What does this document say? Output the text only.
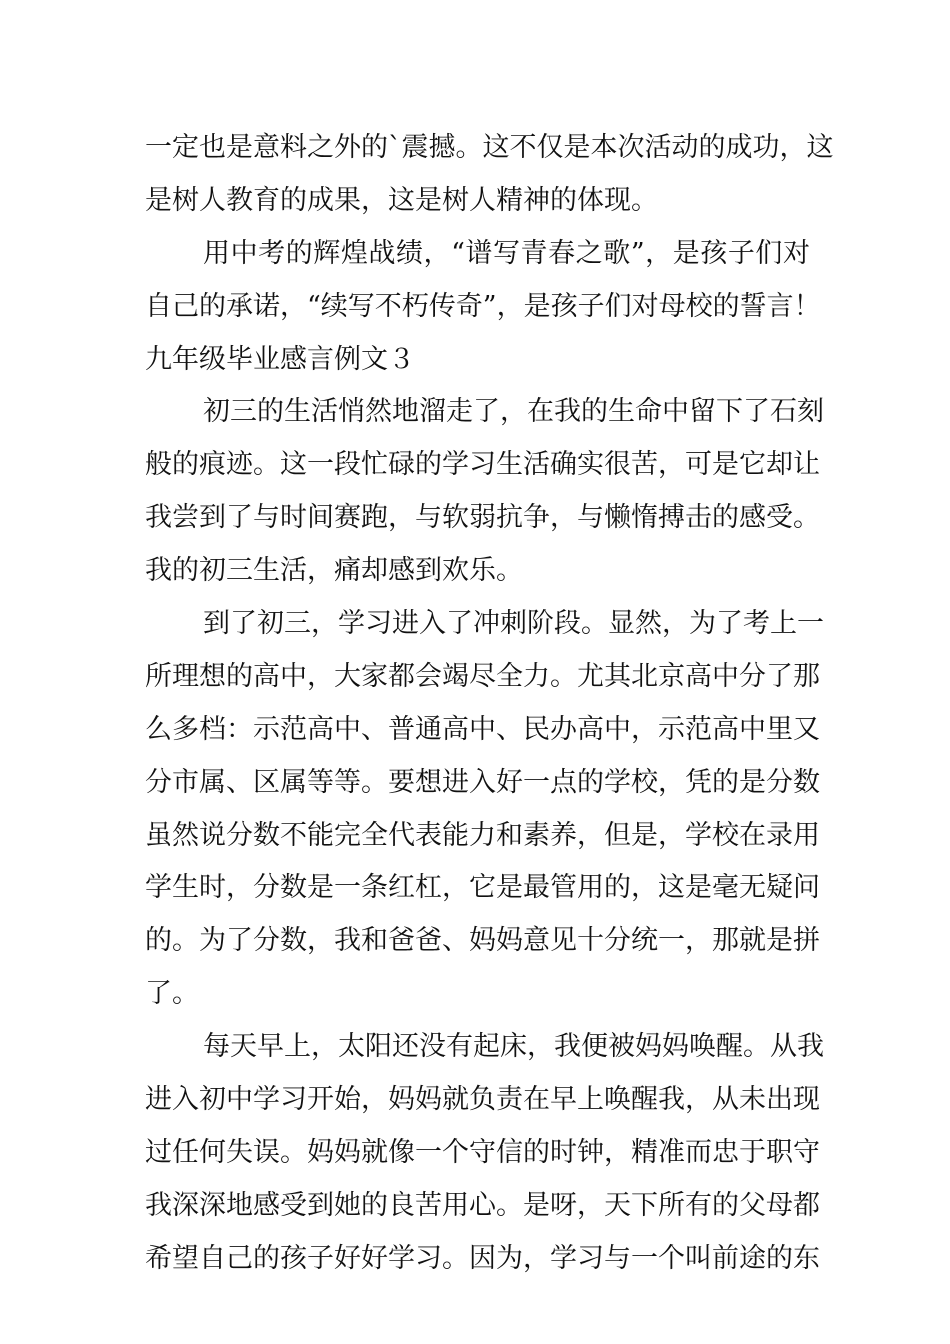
一定也是意料之外的`震撼。这不仅是本次活动的成功，这
是树人教育的成果，这是树人精神的体现。
用中考的辉煌战绩，“谱写青春之歌”，是孩子们对
自己的承诺，“续写不朽传奇”，是孩子们对母校的誓言！
九年级毕业感言例文３
初三的生活悄然地溜走了，在我的生命中留下了石刻
般的痕迹。这一段忙碌的学习生活确实很苦，可是它却让
我尝到了与时间赛跑，与软弱抗争，与懒惰搏击的感受。
我的初三生活，痛却感到欢乐。
到了初三，学习进入了冲刺阶段。显然，为了考上一
所理想的高中，大家都会竭尽全力。尤其北京高中分了那
么多档：示范高中、普通高中、民办高中，示范高中里又
分市属、区属等等。要想进入好一点的学校，凭的是分数
虽然说分数不能完全代表能力和素养，但是，学校在录用
学生时，分数是一条红杠，它是最管用的，这是毫无疑问
的。为了分数，我和爸爸、妈妈意见十分统一，那就是拼
了。
每天早上，太阳还没有起床，我便被妈妈唤醒。从我
进入初中学习开始，妈妈就负责在早上唤醒我，从未出现
过任何失误。妈妈就像一个守信的时钟，精准而忠于职守
我深深地感受到她的良苦用心。是呀，天下所有的父母都
希望自己的孩子好好学习。因为，学习与一个叫前途的东
